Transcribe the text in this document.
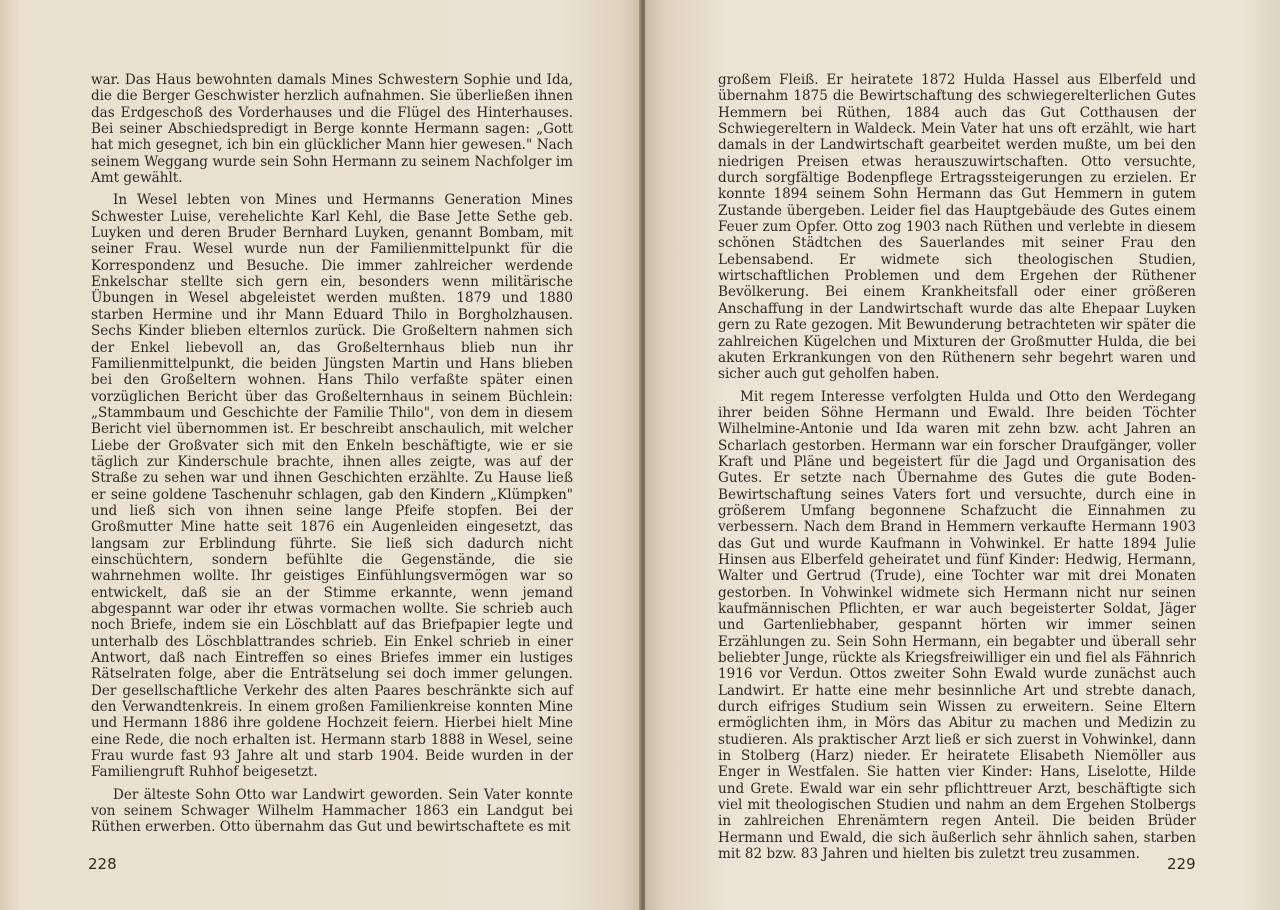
war. Das Haus bewohnten damals Mines Schwestern Sophie und Ida, die die Berger Geschwister herzlich aufnahmen. Sie überließen ihnen das Erdgeschoß des Vorderhauses und die Flügel des Hinterhauses. Bei seiner Abschiedspredigt in Berge konnte Hermann sagen: „Gott hat mich gesegnet, ich bin ein glücklicher Mann hier gewesen." Nach seinem Weggang wurde sein Sohn Hermann zu seinem Nachfolger im Amt gewählt.

In Wesel lebten von Mines und Hermanns Generation Mines Schwester Luise, verehelichte Karl Kehl, die Base Jette Sethe geb. Luyken und deren Bruder Bernhard Luyken, genannt Bombam, mit seiner Frau. Wesel wurde nun der Familienmittelpunkt für die Korrespondenz und Besuche. Die immer zahlreicher werdende Enkelschar stellte sich gern ein, besonders wenn militärische Übungen in Wesel abgeleistet werden mußten. 1879 und 1880 starben Hermine und ihr Mann Eduard Thilo in Borgholzhausen. Sechs Kinder blieben elternlos zurück. Die Großeltern nahmen sich der Enkel liebevoll an, das Großelternhaus blieb nun ihr Familienmittelpunkt, die beiden Jüngsten Martin und Hans blieben bei den Großeltern wohnen. Hans Thilo verfaßte später einen vorzüglichen Bericht über das Großelternhaus in seinem Büchlein: „Stammbaum und Geschichte der Familie Thilo", von dem in diesem Bericht viel übernommen ist. Er beschreibt anschaulich, mit welcher Liebe der Großvater sich mit den Enkeln beschäftigte, wie er sie täglich zur Kinderschule brachte, ihnen alles zeigte, was auf der Straße zu sehen war und ihnen Geschichten erzählte. Zu Hause ließ er seine goldene Taschenuhr schlagen, gab den Kindern „Klümpken" und ließ sich von ihnen seine lange Pfeife stopfen. Bei der Großmutter Mine hatte seit 1876 ein Augenleiden eingesetzt, das langsam zur Erblindung führte. Sie ließ sich dadurch nicht einschüchtern, sondern befühlte die Gegenstände, die sie wahrnehmen wollte. Ihr geistiges Einfühlungsvermögen war so entwickelt, daß sie an der Stimme erkannte, wenn jemand abgespannt war oder ihr etwas vormachen wollte. Sie schrieb auch noch Briefe, indem sie ein Löschblatt auf das Briefpapier legte und unterhalb des Löschblattrandes schrieb. Ein Enkel schrieb in einer Antwort, daß nach Eintreffen so eines Briefes immer ein lustiges Rätselraten folge, aber die Enträtselung sei doch immer gelungen. Der gesellschaftliche Verkehr des alten Paares beschränkte sich auf den Verwandtenkreis. In einem großen Familienkreise konnten Mine und Hermann 1886 ihre goldene Hochzeit feiern. Hierbei hielt Mine eine Rede, die noch erhalten ist. Hermann starb 1888 in Wesel, seine Frau wurde fast 93 Jahre alt und starb 1904. Beide wurden in der Familiengruft Ruhhof beigesetzt.

Der älteste Sohn Otto war Landwirt geworden. Sein Vater konnte von seinem Schwager Wilhelm Hammacher 1863 ein Landgut bei Rüthen erwerben. Otto übernahm das Gut und bewirtschaftete es mit

228

großem Fleiß. Er heiratete 1872 Hulda Hassel aus Elberfeld und übernahm 1875 die Bewirtschaftung des schwiegerelterlichen Gutes Hemmern bei Rüthen, 1884 auch das Gut Cotthausen der Schwiegereltern in Waldeck. Mein Vater hat uns oft erzählt, wie hart damals in der Landwirtschaft gearbeitet werden mußte, um bei den niedrigen Preisen etwas herauszuwirtschaften. Otto versuchte, durch sorgfältige Bodenpflege Ertragssteigerungen zu erzielen. Er konnte 1894 seinem Sohn Hermann das Gut Hemmern in gutem Zustande übergeben. Leider fiel das Hauptgebäude des Gutes einem Feuer zum Opfer. Otto zog 1903 nach Rüthen und verlebte in diesem schönen Städtchen des Sauerlandes mit seiner Frau den Lebensabend. Er widmete sich theologischen Studien, wirtschaftlichen Problemen und dem Ergehen der Rüthener Bevölkerung. Bei einem Krankheitsfall oder einer größeren Anschaffung in der Landwirtschaft wurde das alte Ehepaar Luyken gern zu Rate gezogen. Mit Bewunderung betrachteten wir später die zahlreichen Kügelchen und Mixturen der Großmutter Hulda, die bei akuten Erkrankungen von den Rüthenern sehr begehrt waren und sicher auch gut geholfen haben.

Mit regem Interesse verfolgten Hulda und Otto den Werdegang ihrer beiden Söhne Hermann und Ewald. Ihre beiden Töchter Wilhelmine-Antonie und Ida waren mit zehn bzw. acht Jahren an Scharlach gestorben. Hermann war ein forscher Draufgänger, voller Kraft und Pläne und begeistert für die Jagd und Organisation des Gutes. Er setzte nach Übernahme des Gutes die gute Boden-Bewirtschaftung seines Vaters fort und versuchte, durch eine in größerem Umfang begonnene Schafzucht die Einnahmen zu verbessern. Nach dem Brand in Hemmern verkaufte Hermann 1903 das Gut und wurde Kaufmann in Vohwinkel. Er hatte 1894 Julie Hinsen aus Elberfeld geheiratet und fünf Kinder: Hedwig, Hermann, Walter und Gertrud (Trude), eine Tochter war mit drei Monaten gestorben. In Vohwinkel widmete sich Hermann nicht nur seinen kaufmännischen Pflichten, er war auch begeisterter Soldat, Jäger und Gartenliebhaber, gespannt hörten wir immer seinen Erzählungen zu. Sein Sohn Hermann, ein begabter und überall sehr beliebter Junge, rückte als Kriegsfreiwilliger ein und fiel als Fähnrich 1916 vor Verdun. Ottos zweiter Sohn Ewald wurde zunächst auch Landwirt. Er hatte eine mehr besinnliche Art und strebte danach, durch eifriges Studium sein Wissen zu erweitern. Seine Eltern ermöglichten ihm, in Mörs das Abitur zu machen und Medizin zu studieren. Als praktischer Arzt ließ er sich zuerst in Vohwinkel, dann in Stolberg (Harz) nieder. Er heiratete Elisabeth Niemöller aus Enger in Westfalen. Sie hatten vier Kinder: Hans, Liselotte, Hilde und Grete. Ewald war ein sehr pflichttreuer Arzt, beschäftigte sich viel mit theologischen Studien und nahm an dem Ergehen Stolbergs in zahlreichen Ehrenämtern regen Anteil. Die beiden Brüder Hermann und Ewald, die sich äußerlich sehr ähnlich sahen, starben mit 82 bzw. 83 Jahren und hielten bis zuletzt treu zusammen.

229
